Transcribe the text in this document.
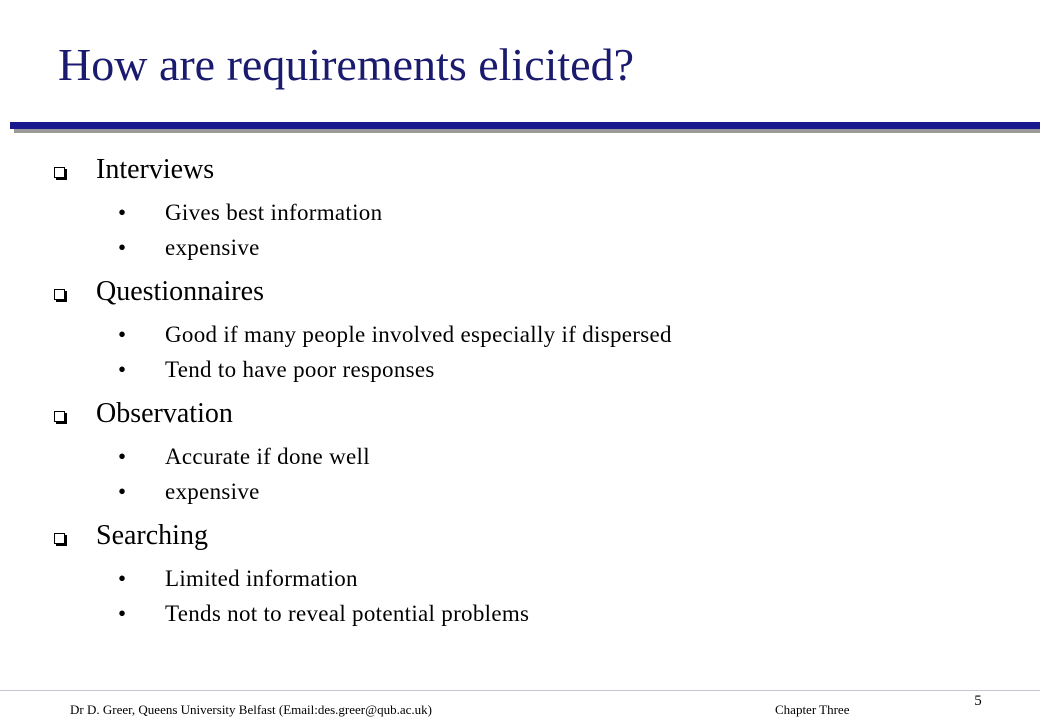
How are requirements elicited?
Interviews
•	Gives best information
•	expensive
Questionnaires
•	Good if many people involved especially if dispersed
•	Tend to have poor responses
Observation
•	Accurate if done well
•	expensive
Searching
•	Limited information
•	Tends not to reveal potential problems
Dr D. Greer, Queens University Belfast (Email:des.greer@qub.ac.uk)	Chapter Three
5
